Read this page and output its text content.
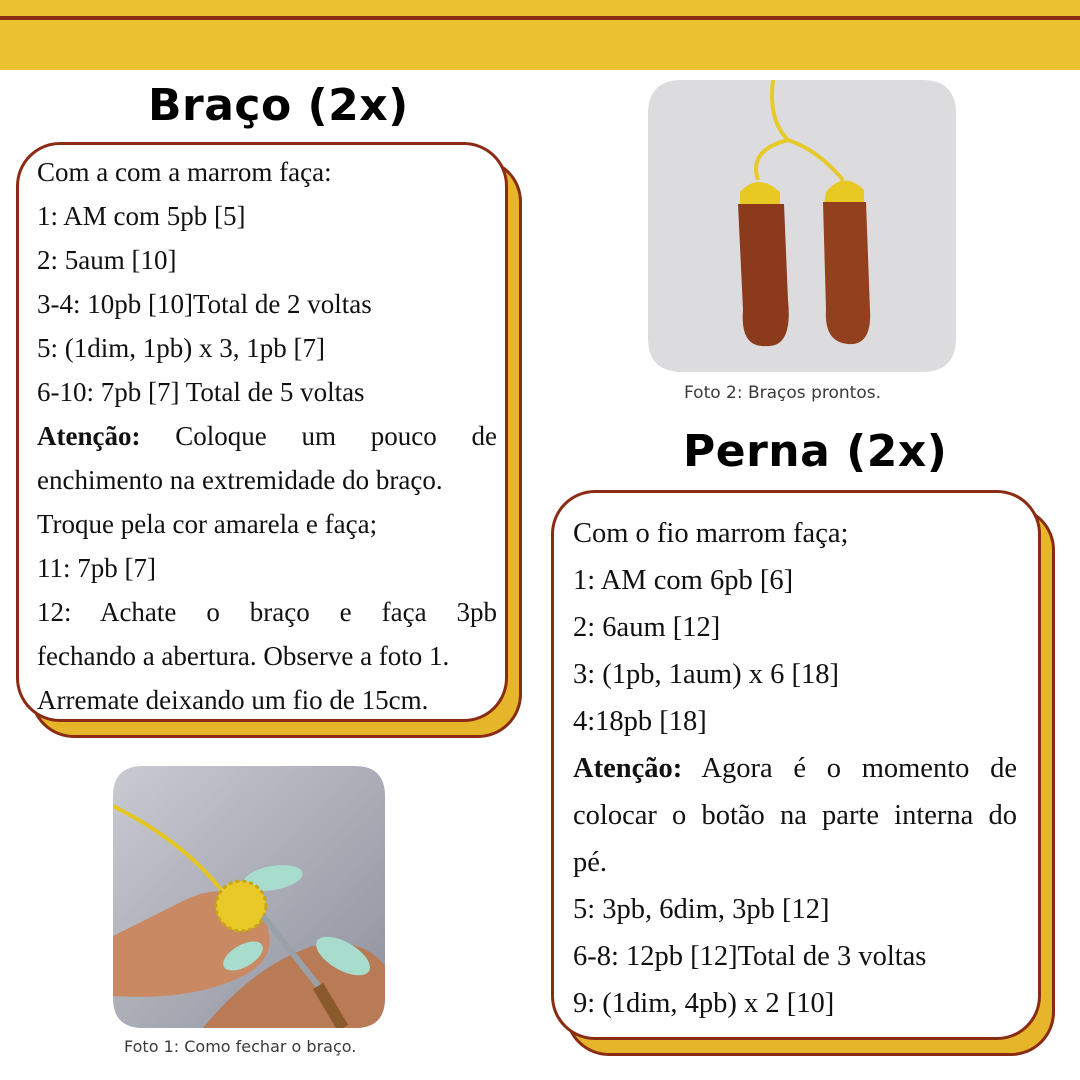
Braço (2x)

Com a com a marrom faça:

1: AM com 5pb [5]

2: 5aum [10]

3-4: 10pb [10]Total de 2 voltas

5: (1dim, 1pb) x 3, 1pb [7]

6-10: 7pb [7] Total de 5 voltas

Atenção: Coloque um pouco de

enchimento na extremidade do braço.

Troque pela cor amarela e faça;

11: 7pb [7]

12: Achate o braço e faça 3pb

fechando a abertura. Observe a foto 1.

Arremate deixando um fio de 15cm.

Foto 1: Como fechar o braço.
Foto 2: Braços prontos.
Perna (2x)

Com o fio marrom faça;

1: AM com 6pb [6]

2: 6aum [12]

3: (1pb, 1aum) x 6 [18]

4:18pb [18]

Atenção: Agora é o momento de

colocar o botão na parte interna do

pé.

5: 3pb, 6dim, 3pb [12]

6-8: 12pb [12]Total de 3 voltas

9: (1dim, 4pb) x 2 [10]
